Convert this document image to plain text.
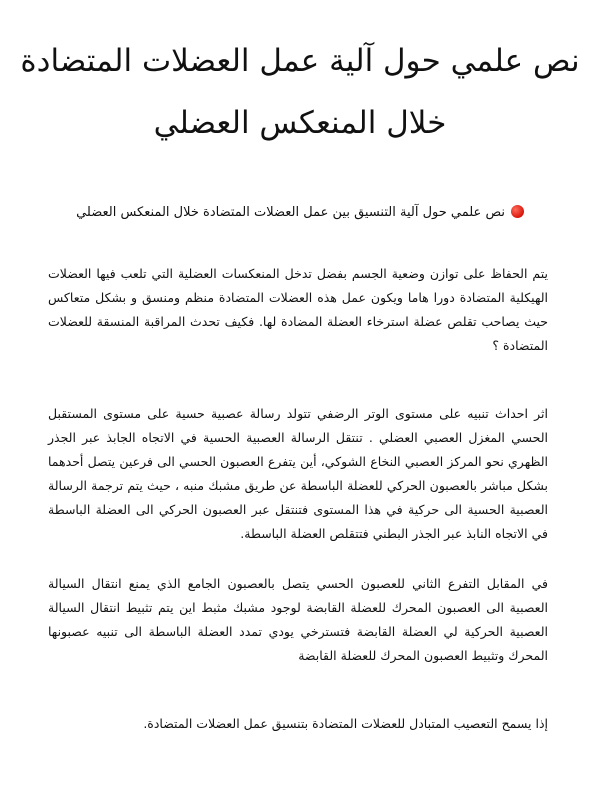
نص علمي حول آلية عمل العضلات المتضادة خلال المنعكس العضلي
نص علمي حول آلية التنسيق بين عمل العضلات المتضادة خلال المنعكس العضلي

يتم الحفاظ على توازن وضعية الجسم بفضل تدخل المنعكسات العضلية التي تلعب فيها العضلات الهيكلية المتضادة دورا هاما ويكون عمل هذه العضلات المتضادة منظم ومنسق و بشكل متعاكس حيث يصاحب تقلص عضلة استرخاء العضلة المضادة لها. فكيف تحدث المراقبة المنسقة للعضلات المتضادة ؟

اثر احداث تنبيه على مستوى الوتر الرضفي تتولد رسالة عصبية حسية على مستوى المستقبل الحسي المغزل العصبي العضلي . تنتقل الرسالة العصبية الحسية في الاتجاه الجابذ عبر الجذر الظهري نحو المركز العصبي النخاع الشوكي، أين يتفرع العصبون الحسي الى فرعين يتصل أحدهما بشكل مباشر بالعصبون الحركي للعضلة الباسطة عن طريق مشبك منبه ، حيث يتم ترجمة الرسالة العصبية الحسية الى حركية في هذا المستوى فتنتقل عبر العصبون الحركي الى العضلة الباسطة في الاتجاه النابذ عبر الجذر البطني فتتقلص العضلة الباسطة.

في المقابل التفرع الثاني للعصبون الحسي يتصل بالعصبون الجامع الذي يمنع انتقال السيالة العصبية الى العصبون المحرك للعضلة القابضة لوجود مشبك مثبط اين يتم تثبيط انتقال السيالة العصبية الحركية لي العضلة القابضة فتسترخي يودي تمدد العضلة الباسطة الى تنبيه عصبونها المحرك وتثبيط العصبون المحرك للعضلة القابضة

إذا يسمح التعصيب المتبادل للعضلات المتضادة بتنسيق عمل العضلات المتضادة.
